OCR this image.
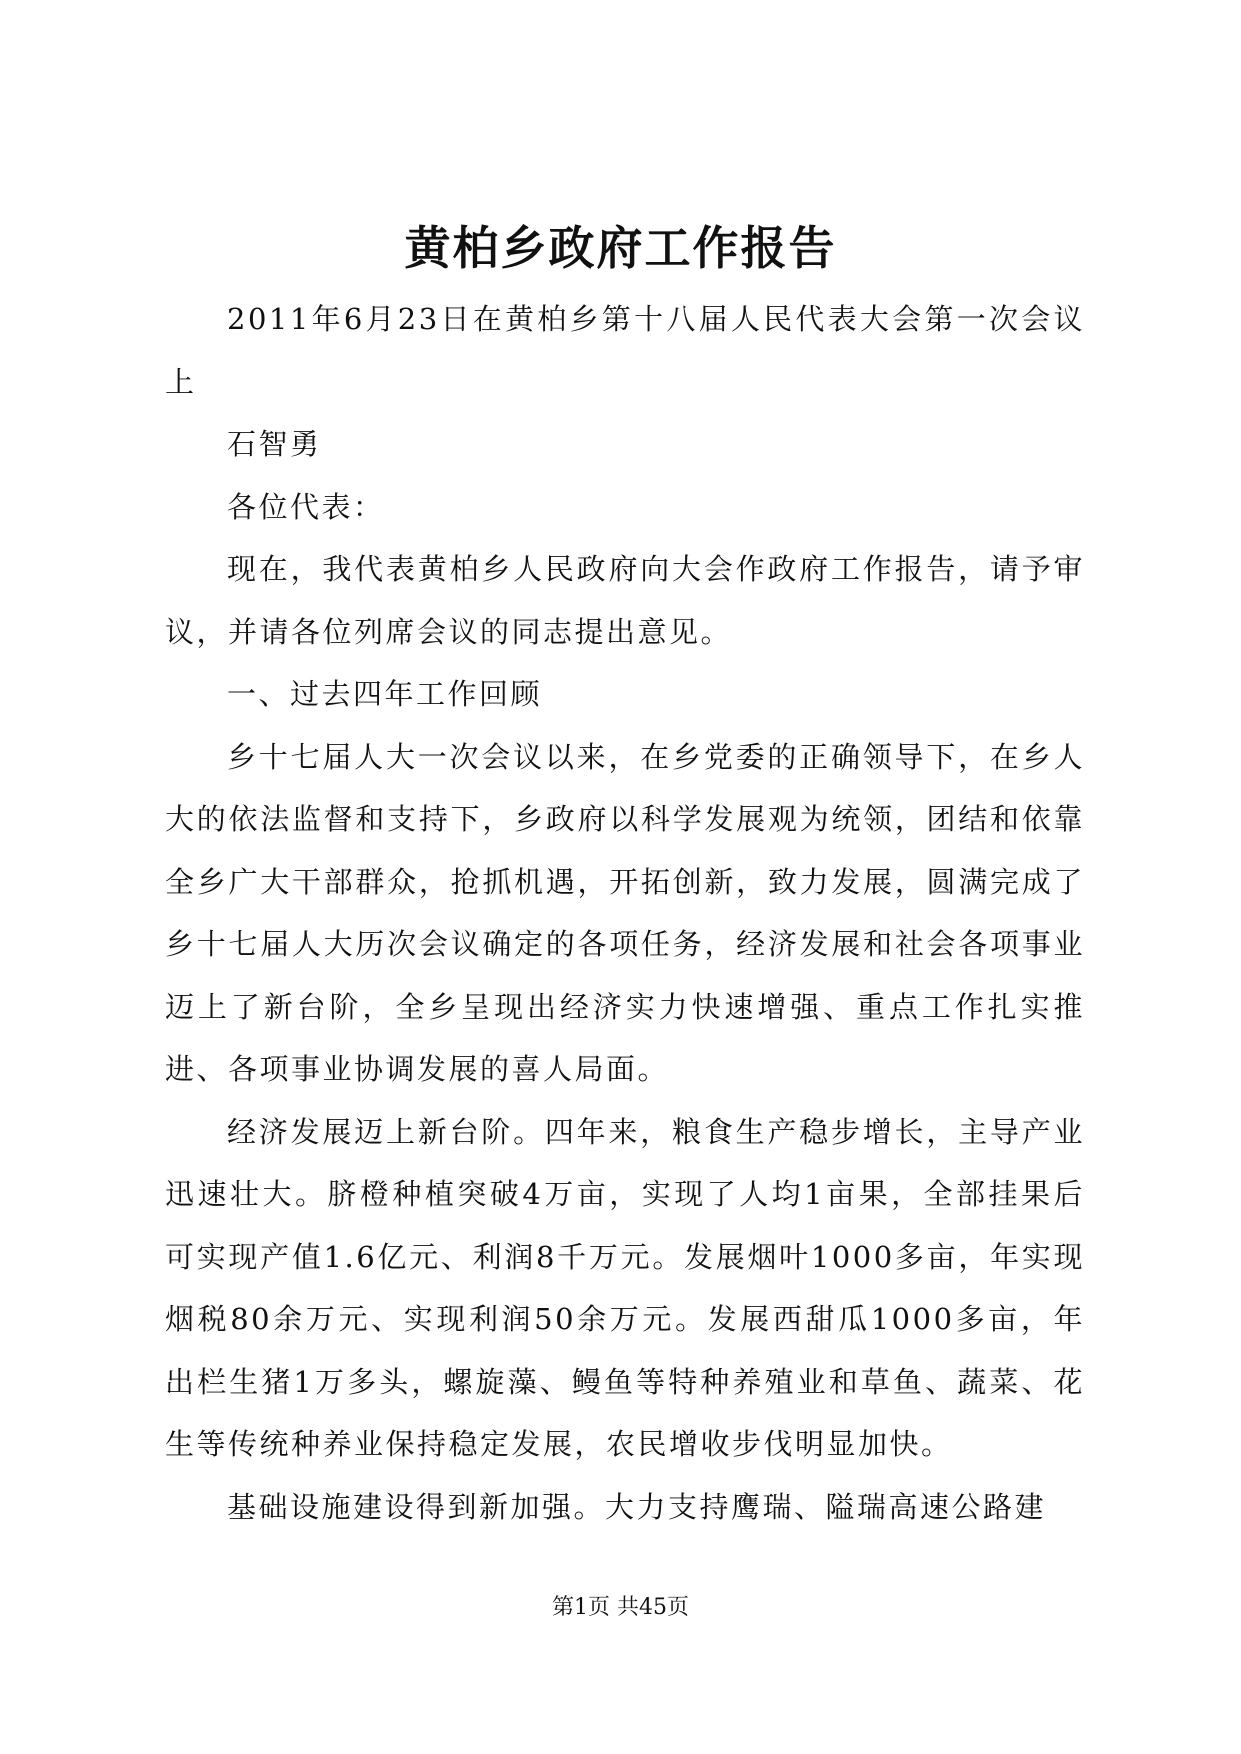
黄柏乡政府工作报告

2011年6月23日在黄柏乡第十八届人民代表大会第一次会议上

石智勇

各位代表：

现在，我代表黄柏乡人民政府向大会作政府工作报告，请予审议，并请各位列席会议的同志提出意见。

一、过去四年工作回顾

乡十七届人大一次会议以来，在乡党委的正确领导下，在乡人大的依法监督和支持下，乡政府以科学发展观为统领，团结和依靠全乡广大干部群众，抢抓机遇，开拓创新，致力发展，圆满完成了乡十七届人大历次会议确定的各项任务，经济发展和社会各项事业迈上了新台阶，全乡呈现出经济实力快速增强、重点工作扎实推进、各项事业协调发展的喜人局面。

经济发展迈上新台阶。四年来，粮食生产稳步增长，主导产业迅速壮大。脐橙种植突破4万亩，实现了人均1亩果，全部挂果后可实现产值1.6亿元、利润8千万元。发展烟叶1000多亩，年实现烟税80余万元、实现利润50余万元。发展西甜瓜1000多亩，年出栏生猪1万多头，螺旋藻、鳗鱼等特种养殖业和草鱼、蔬菜、花生等传统种养业保持稳定发展，农民增收步伐明显加快。

基础设施建设得到新加强。大力支持鹰瑞、隘瑞高速公路建

第1页 共45页
